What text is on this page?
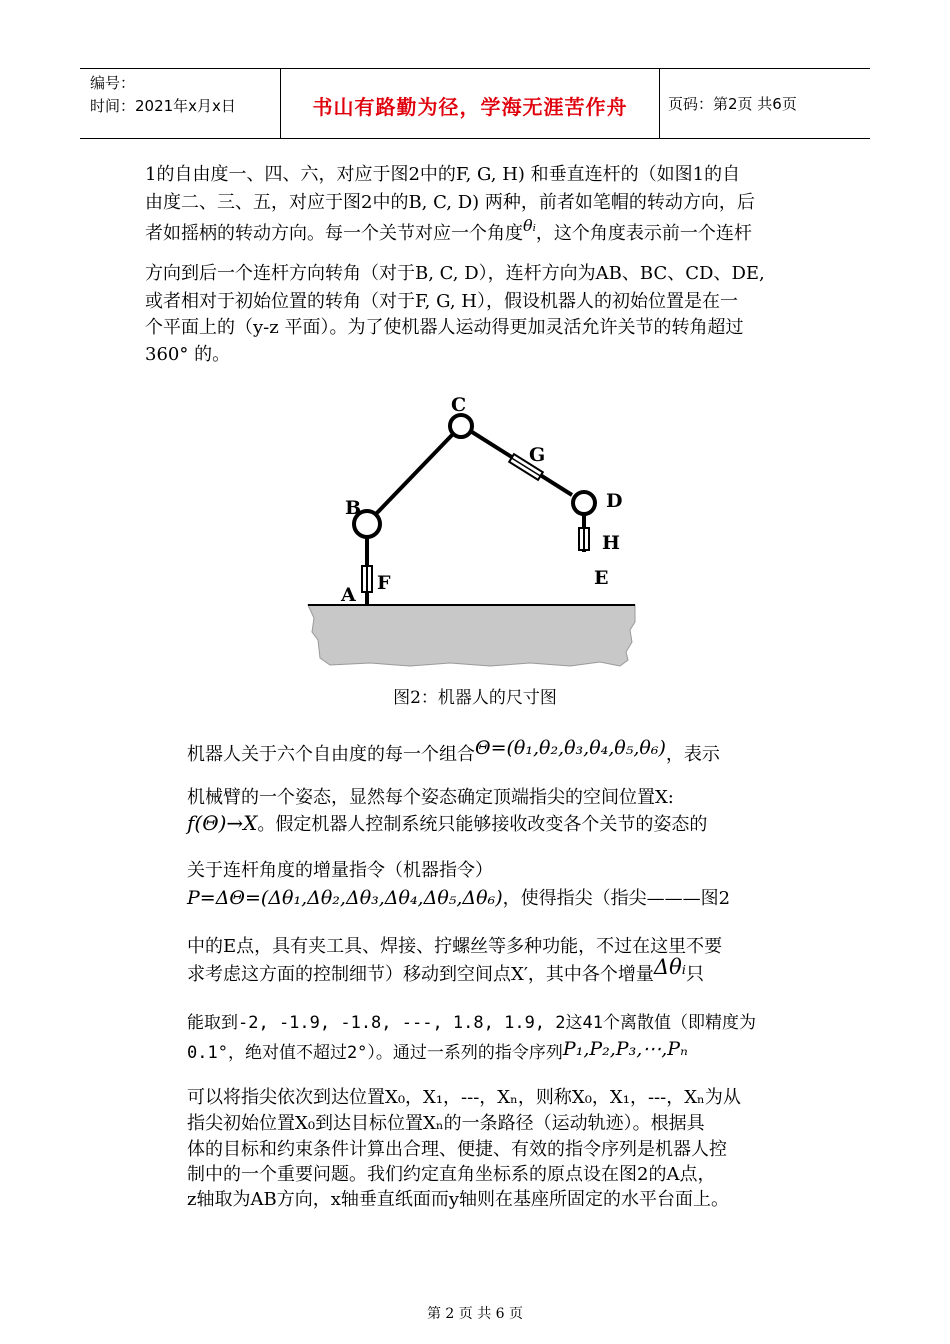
编号：
时间：2021年x月x日	书山有路勤为径，学海无涯苦作舟	页码：第2页 共6页
1的自由度一、四、六，对应于图2中的F, G, H) 和垂直连杆的（如图1的自
由度二、三、五，对应于图2中的B, C, D) 两种，前者如笔帽的转动方向，后
者如摇柄的转动方向。每一个关节对应一个角度θᵢ，这个角度表示前一个连杆
方向到后一个连杆方向转角（对于B, C, D），连杆方向为AB、BC、CD、DE,
或者相对于初始位置的转角（对于F, G, H），假设机器人的初始位置是在一
个平面上的（y-z 平面）。为了使机器人运动得更加灵活允许关节的转角超过
360° 的。
A
F
B
C
G
D
H
E
图2：机器人的尺寸图
机器人关于六个自由度的每一个组合Θ=(θ₁,θ₂,θ₃,θ₄,θ₅,θ₆)，表示
机械臂的一个姿态，显然每个姿态确定顶端指尖的空间位置X:
f(Θ)→X。假定机器人控制系统只能够接收改变各个关节的姿态的
关于连杆角度的增量指令（机器指令）
P=ΔΘ=(Δθ₁,Δθ₂,Δθ₃,Δθ₄,Δθ₅,Δθ₆)，使得指尖（指尖———图2
中的E点，具有夹工具、焊接、拧螺丝等多种功能，不过在这里不要
求考虑这方面的控制细节）移动到空间点X′，其中各个增量Δθᵢ只
能取到-2, -1.9, -1.8, ---, 1.8, 1.9, 2这41个离散值（即精度为
0.1°，绝对值不超过2°）。通过一系列的指令序列P₁,P₂,P₃,⋯,Pₙ
可以将指尖依次到达位置X₀，X₁，---，Xₙ，则称X₀，X₁，---，Xₙ为从
指尖初始位置X₀到达目标位置Xₙ的一条路径（运动轨迹）。根据具
体的目标和约束条件计算出合理、便捷、有效的指令序列是机器人控
制中的一个重要问题。我们约定直角坐标系的原点设在图2的A点，
z轴取为AB方向，x轴垂直纸面而y轴则在基座所固定的水平台面上。
第 2 页 共 6 页
